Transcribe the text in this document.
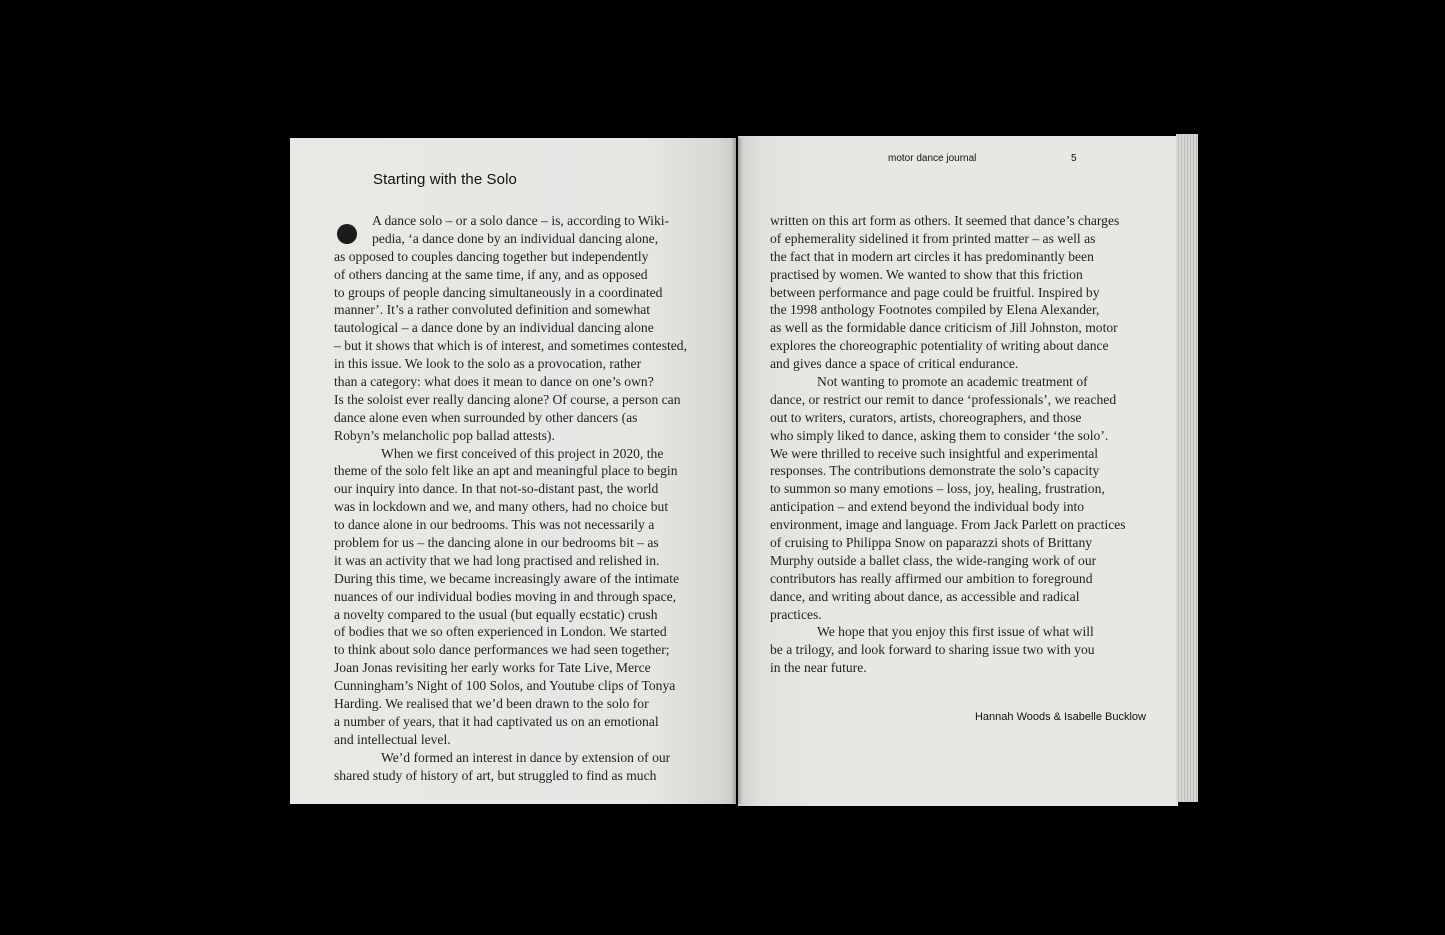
Starting with the Solo
A dance solo – or a solo dance – is, according to Wiki-
pedia, ‘a dance done by an individual dancing alone,
as opposed to couples dancing together but independently
of others dancing at the same time, if any, and as opposed
to groups of people dancing simultaneously in a coordinated
manner’. It’s a rather convoluted definition and somewhat
tautological – a dance done by an individual dancing alone
– but it shows that which is of interest, and sometimes contested,
in this issue. We look to the solo as a provocation, rather
than a category: what does it mean to dance on one’s own?
Is the soloist ever really dancing alone? Of course, a person can
dance alone even when surrounded by other dancers (as
Robyn’s melancholic pop ballad attests).
When we first conceived of this project in 2020, the
theme of the solo felt like an apt and meaningful place to begin
our inquiry into dance. In that not-so-distant past, the world
was in lockdown and we, and many others, had no choice but
to dance alone in our bedrooms. This was not necessarily a
problem for us – the dancing alone in our bedrooms bit – as
it was an activity that we had long practised and relished in.
During this time, we became increasingly aware of the intimate
nuances of our individual bodies moving in and through space,
a novelty compared to the usual (but equally ecstatic) crush
of bodies that we so often experienced in London. We started
to think about solo dance performances we had seen together;
Joan Jonas revisiting her early works for Tate Live, Merce
Cunningham’s Night of 100 Solos, and Youtube clips of Tonya
Harding. We realised that we’d been drawn to the solo for
a number of years, that it had captivated us on an emotional
and intellectual level.
We’d formed an interest in dance by extension of our
shared study of history of art, but struggled to find as much
motor dance journal	5
written on this art form as others. It seemed that dance’s charges
of ephemerality sidelined it from printed matter – as well as
the fact that in modern art circles it has predominantly been
practised by women. We wanted to show that this friction
between performance and page could be fruitful. Inspired by
the 1998 anthology Footnotes compiled by Elena Alexander,
as well as the formidable dance criticism of Jill Johnston, motor
explores the choreographic potentiality of writing about dance
and gives dance a space of critical endurance.
Not wanting to promote an academic treatment of
dance, or restrict our remit to dance ‘professionals’, we reached
out to writers, curators, artists, choreographers, and those
who simply liked to dance, asking them to consider ‘the solo’.
We were thrilled to receive such insightful and experimental
responses. The contributions demonstrate the solo’s capacity
to summon so many emotions – loss, joy, healing, frustration,
anticipation – and extend beyond the individual body into
environment, image and language. From Jack Parlett on practices
of cruising to Philippa Snow on paparazzi shots of Brittany
Murphy outside a ballet class, the wide-ranging work of our
contributors has really affirmed our ambition to foreground
dance, and writing about dance, as accessible and radical
practices.
We hope that you enjoy this first issue of what will
be a trilogy, and look forward to sharing issue two with you
in the near future.
Hannah Woods & Isabelle Bucklow
